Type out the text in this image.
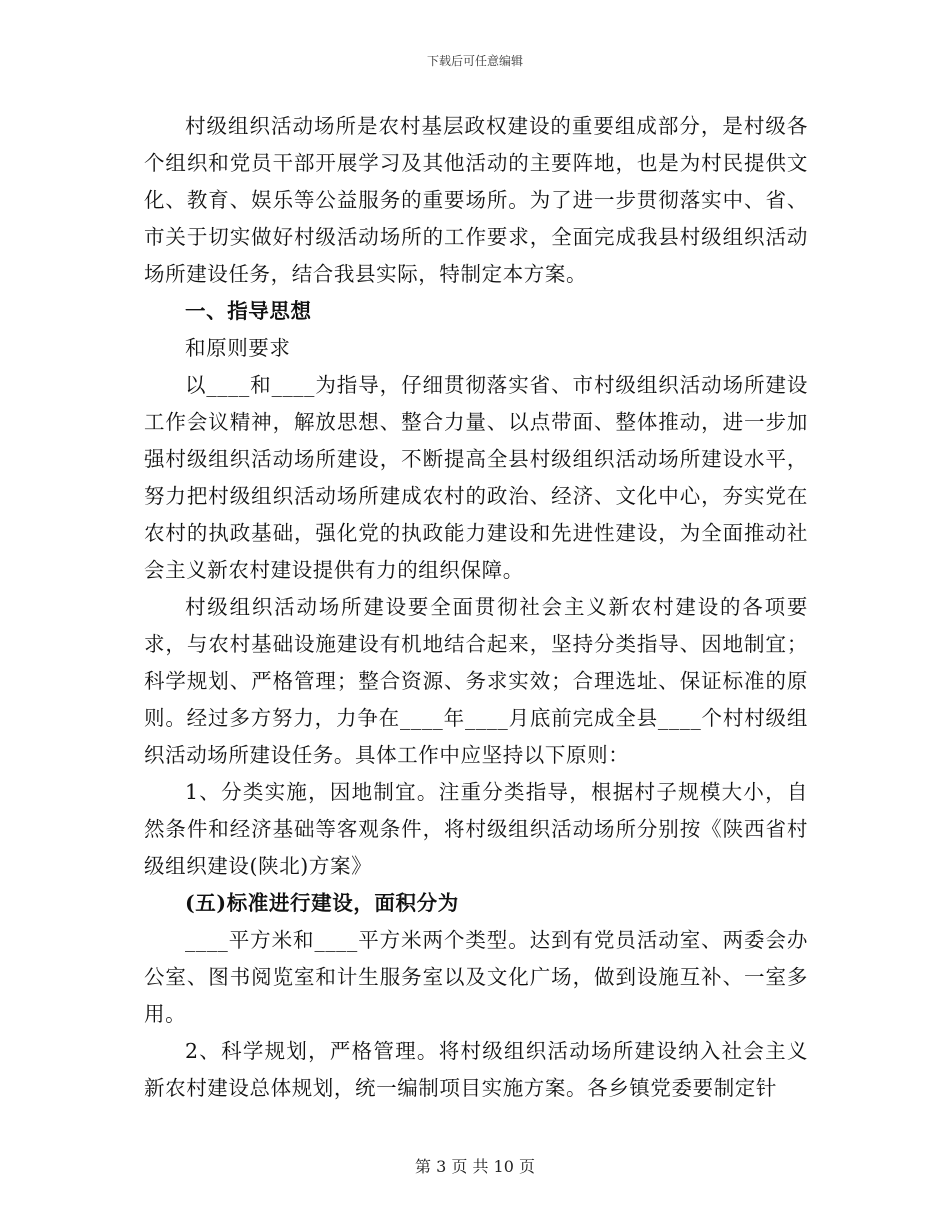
下载后可任意编辑

村级组织活动场所是农村基层政权建设的重要组成部分，是村级各个组织和党员干部开展学习及其他活动的主要阵地，也是为村民提供文化、教育、娱乐等公益服务的重要场所。为了进一步贯彻落实中、省、市关于切实做好村级活动场所的工作要求，全面完成我县村级组织活动场所建设任务，结合我县实际，特制定本方案。

一、指导思想

和原则要求

以____和____为指导，仔细贯彻落实省、市村级组织活动场所建设工作会议精神，解放思想、整合力量、以点带面、整体推动，进一步加强村级组织活动场所建设，不断提高全县村级组织活动场所建设水平，努力把村级组织活动场所建成农村的政治、经济、文化中心，夯实党在农村的执政基础，强化党的执政能力建设和先进性建设，为全面推动社会主义新农村建设提供有力的组织保障。

村级组织活动场所建设要全面贯彻社会主义新农村建设的各项要求，与农村基础设施建设有机地结合起来，坚持分类指导、因地制宜；科学规划、严格管理；整合资源、务求实效；合理选址、保证标准的原则。经过多方努力，力争在____年____月底前完成全县____个村村级组织活动场所建设任务。具体工作中应坚持以下原则：

1、分类实施，因地制宜。注重分类指导，根据村子规模大小，自然条件和经济基础等客观条件，将村级组织活动场所分别按《陕西省村级组织建设(陕北)方案》

(五)标准进行建设，面积分为

____平方米和____平方米两个类型。达到有党员活动室、两委会办公室、图书阅览室和计生服务室以及文化广场，做到设施互补、一室多用。

2、科学规划，严格管理。将村级组织活动场所建设纳入社会主义新农村建设总体规划，统一编制项目实施方案。各乡镇党委要制定针

第 3 页 共 10 页
